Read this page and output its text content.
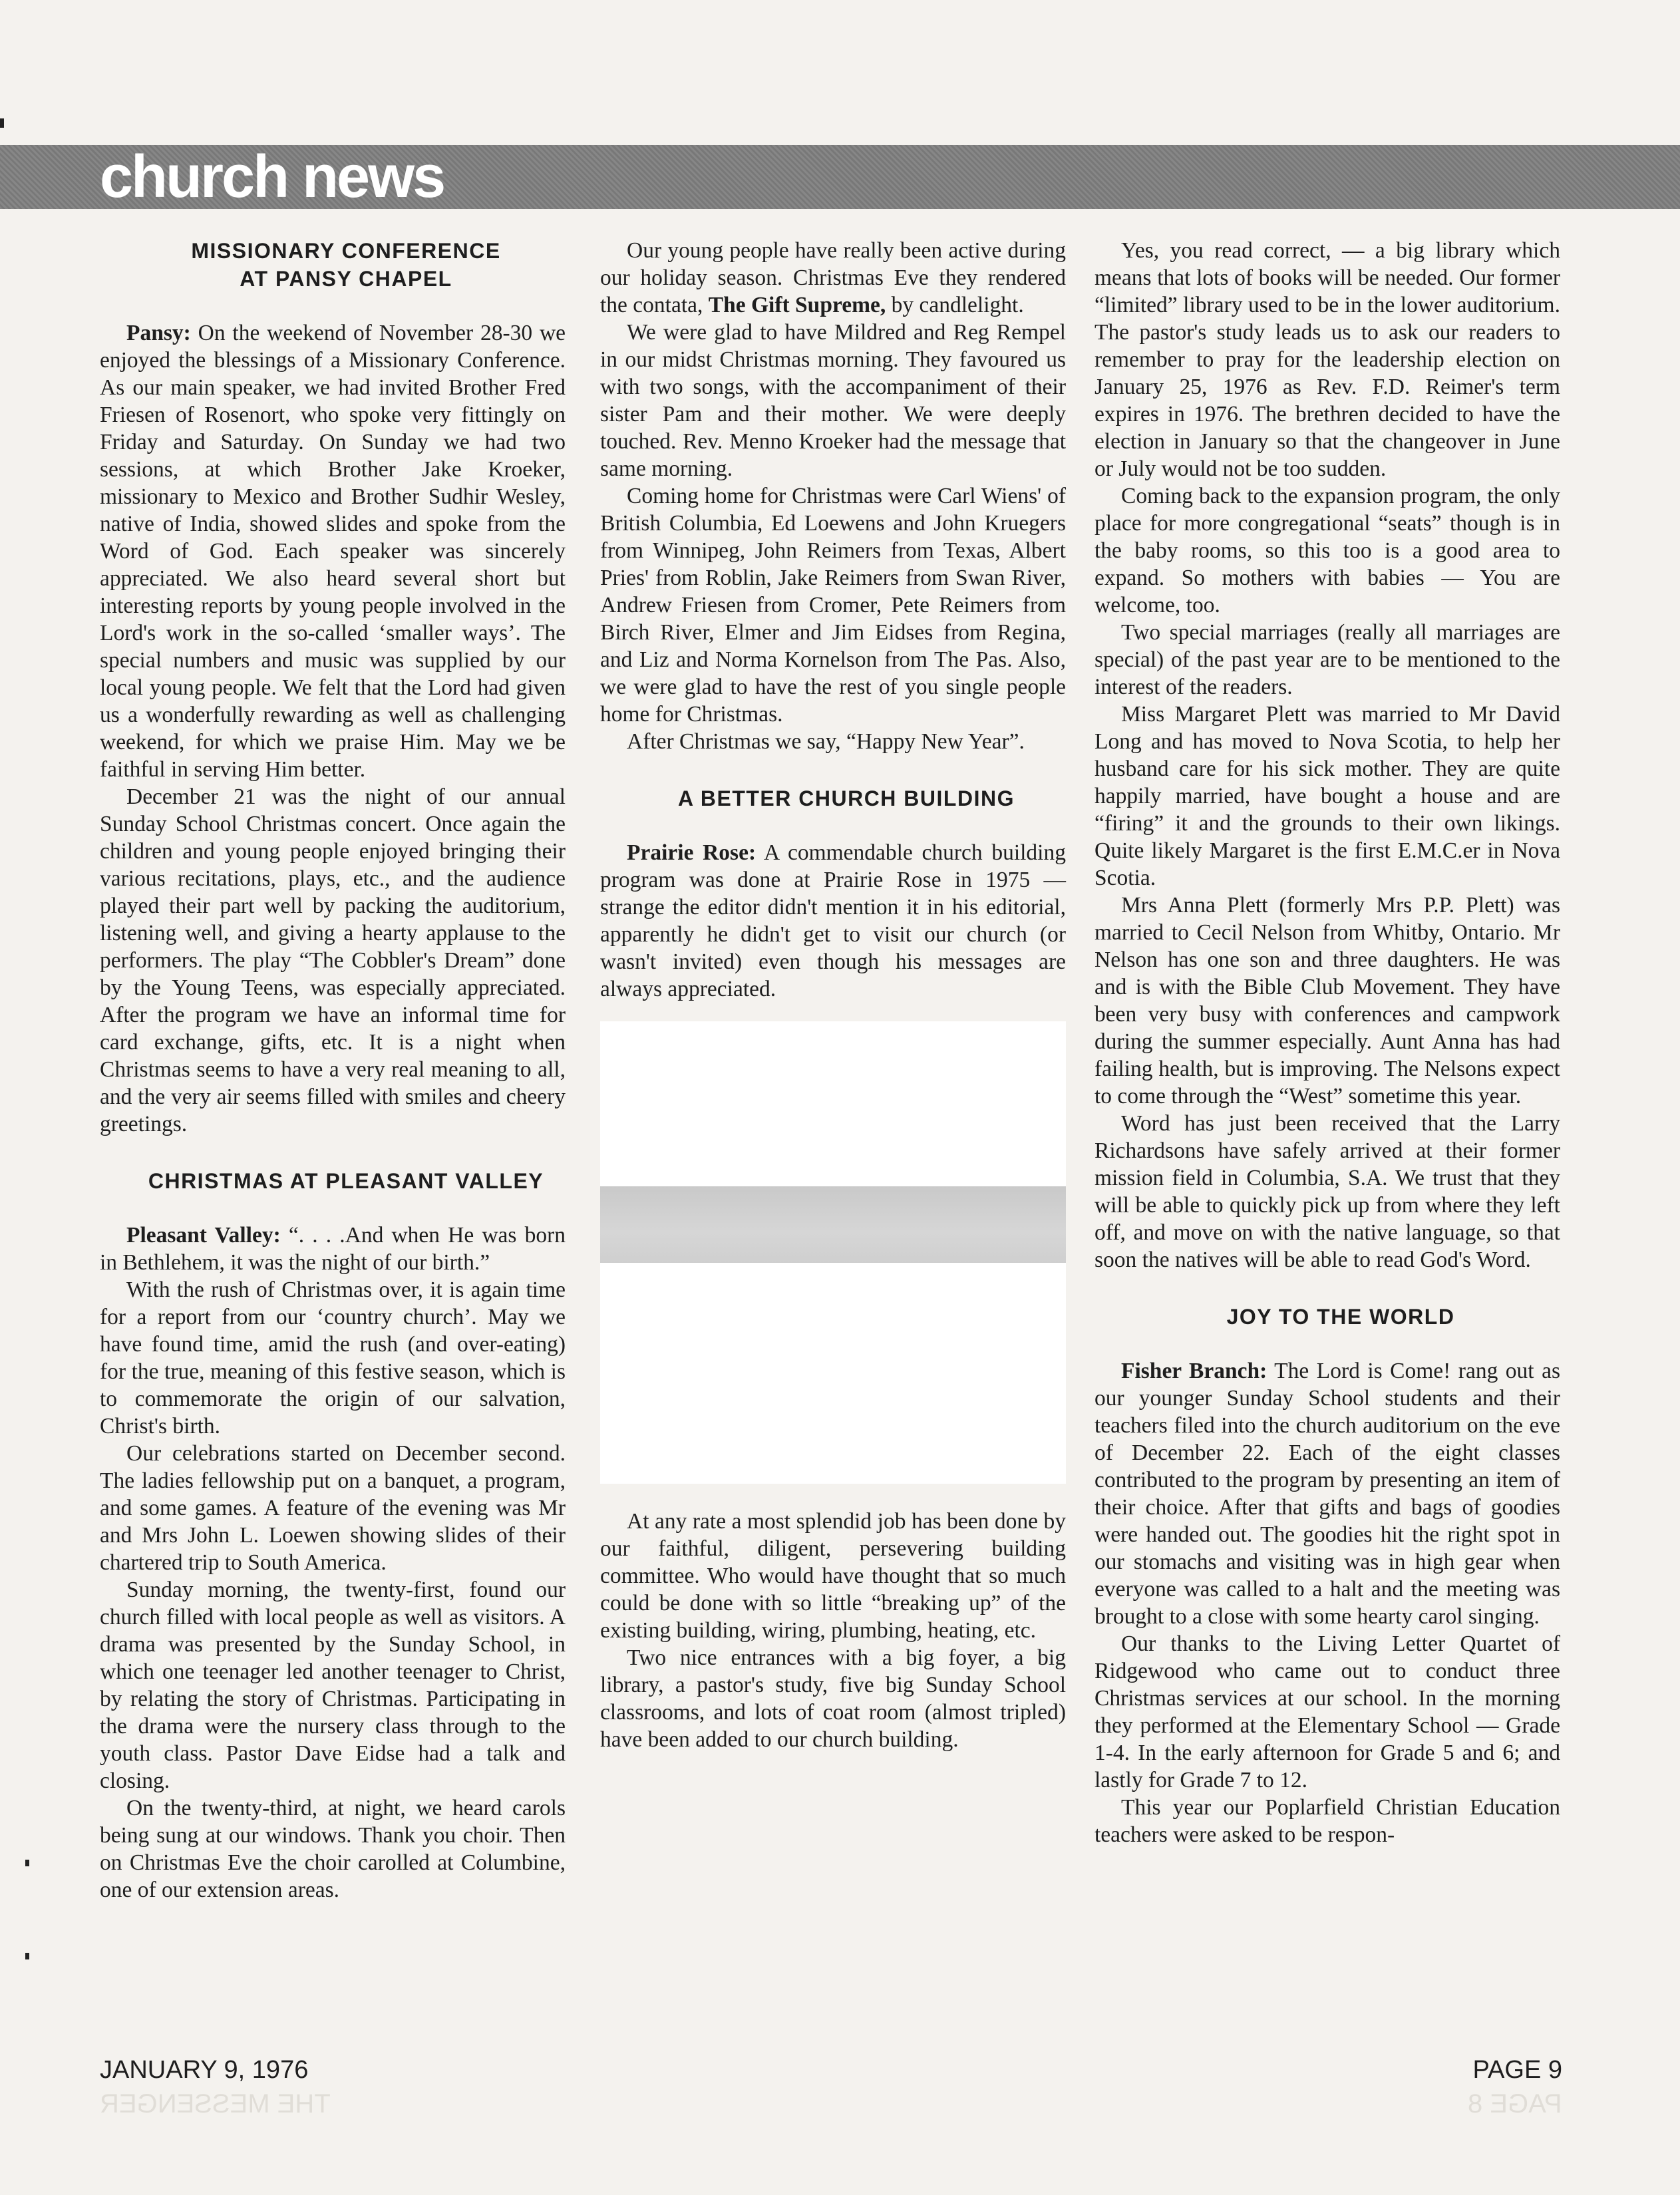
church news

MISSIONARY CONFERENCE

AT PANSY CHAPEL

Pansy: On the weekend of November 28-30 we enjoyed the blessings of a Missionary Conference. As our main speaker, we had invited Brother Fred Friesen of Rosenort, who spoke very fittingly on Friday and Saturday. On Sunday we had two sessions, at which Brother Jake Kroeker, missionary to Mexico and Brother Sudhir Wesley, native of India, showed slides and spoke from the Word of God. Each speaker was sincerely appreciated. We also heard several short but interesting reports by young people involved in the Lord's work in the so-called ‘smaller ways’. The special numbers and music was supplied by our local young people. We felt that the Lord had given us a wonderfully rewarding as well as challenging weekend, for which we praise Him. May we be faithful in serving Him better.

December 21 was the night of our annual Sunday School Christmas concert. Once again the children and young people enjoyed bringing their various recitations, plays, etc., and the audience played their part well by packing the auditorium, listening well, and giving a hearty applause to the performers. The play “The Cobbler's Dream” done by the Young Teens, was especially appreciated. After the program we have an informal time for card exchange, gifts, etc. It is a night when Christmas seems to have a very real meaning to all, and the very air seems filled with smiles and cheery greetings.

CHRISTMAS AT PLEASANT VALLEY

Pleasant Valley: “. . . .And when He was born in Bethlehem, it was the night of our birth.”

With the rush of Christmas over, it is again time for a report from our ‘country church’. May we have found time, amid the rush (and over-eating) for the true, meaning of this festive season, which is to commemorate the origin of our salvation, Christ's birth.

Our celebrations started on December second. The ladies fellowship put on a banquet, a program, and some games. A feature of the evening was Mr and Mrs John L. Loewen showing slides of their chartered trip to South America.

Sunday morning, the twenty-first, found our church filled with local people as well as visitors. A drama was presented by the Sunday School, in which one teenager led another teenager to Christ, by relating the story of Christmas. Participating in the drama were the nursery class through to the youth class. Pastor Dave Eidse had a talk and closing.

On the twenty-third, at night, we heard carols being sung at our windows. Thank you choir. Then on Christmas Eve the choir carolled at Columbine, one of our extension areas.

Our young people have really been active during our holiday season. Christmas Eve they rendered the contata, The Gift Supreme, by candlelight.

We were glad to have Mildred and Reg Rempel in our midst Christmas morning. They favoured us with two songs, with the accompaniment of their sister Pam and their mother. We were deeply touched. Rev. Menno Kroeker had the message that same morning.

Coming home for Christmas were Carl Wiens' of British Columbia, Ed Loewens and John Kruegers from Winnipeg, John Reimers from Texas, Albert Pries' from Roblin, Jake Reimers from Swan River, Andrew Friesen from Cromer, Pete Reimers from Birch River, Elmer and Jim Eidses from Regina, and Liz and Norma Kornelson from The Pas. Also, we were glad to have the rest of you single people home for Christmas.

After Christmas we say, “Happy New Year”.

A BETTER CHURCH BUILDING

Prairie Rose: A commendable church building program was done at Prairie Rose in 1975 — strange the editor didn't mention it in his editorial, apparently he didn't get to visit our church (or wasn't invited) even though his messages are always appreciated.

At any rate a most splendid job has been done by our faithful, diligent, persevering building committee. Who would have thought that so much could be done with so little “breaking up” of the existing building, wiring, plumbing, heating, etc.

Two nice entrances with a big foyer, a big library, a pastor's study, five big Sunday School classrooms, and lots of coat room (almost tripled) have been added to our church building.

Yes, you read correct, — a big library which means that lots of books will be needed. Our former “limited” library used to be in the lower auditorium. The pastor's study leads us to ask our readers to remember to pray for the leadership election on January 25, 1976 as Rev. F.D. Reimer's term expires in 1976. The brethren decided to have the election in January so that the changeover in June or July would not be too sudden.

Coming back to the expansion program, the only place for more congregational “seats” though is in the baby rooms, so this too is a good area to expand. So mothers with babies — You are welcome, too.

Two special marriages (really all marriages are special) of the past year are to be mentioned to the interest of the readers.

Miss Margaret Plett was married to Mr David Long and has moved to Nova Scotia, to help her husband care for his sick mother. They are quite happily married, have bought a house and are “firing” it and the grounds to their own likings. Quite likely Margaret is the first E.M.C.er in Nova Scotia.

Mrs Anna Plett (formerly Mrs P.P. Plett) was married to Cecil Nelson from Whitby, Ontario. Mr Nelson has one son and three daughters. He was and is with the Bible Club Movement. They have been very busy with conferences and campwork during the summer especially. Aunt Anna has had failing health, but is improving. The Nelsons expect to come through the “West” sometime this year.

Word has just been received that the Larry Richardsons have safely arrived at their former mission field in Columbia, S.A. We trust that they will be able to quickly pick up from where they left off, and move on with the native language, so that soon the natives will be able to read God's Word.

JOY TO THE WORLD

Fisher Branch: The Lord is Come! rang out as our younger Sunday School students and their teachers filed into the church auditorium on the eve of December 22. Each of the eight classes contributed to the program by presenting an item of their choice. After that gifts and bags of goodies were handed out. The goodies hit the right spot in our stomachs and visiting was in high gear when everyone was called to a halt and the meeting was brought to a close with some hearty carol singing.

Our thanks to the Living Letter Quartet of Ridgewood who came out to conduct three Christmas services at our school. In the morning they performed at the Elementary School — Grade 1-4. In the early afternoon for Grade 5 and 6; and lastly for Grade 7 to 12.

This year our Poplarfield Christian Education teachers were asked to be respon-

JANUARY 9, 1976	PAGE 9
THE MESSENGER	PAGE 8
